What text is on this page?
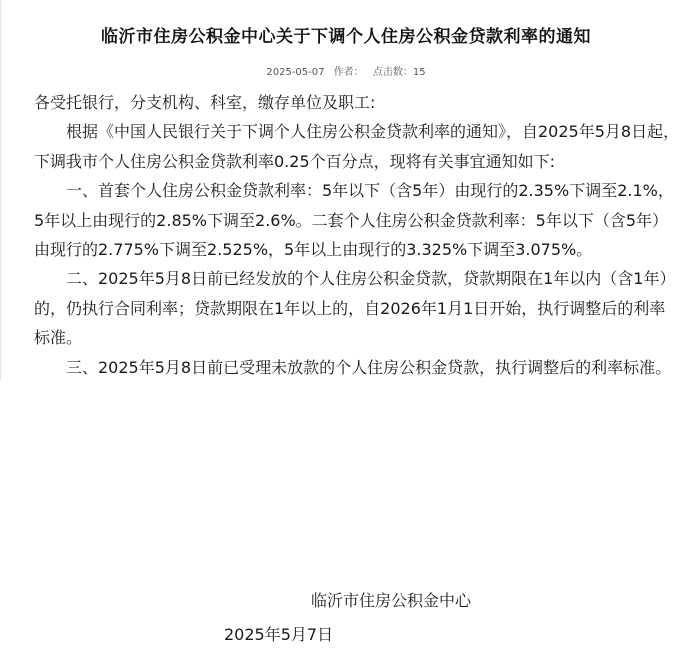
临沂市住房公积金中心关于下调个人住房公积金贷款利率的通知
2025-05-07 作者： 点击数：15

各受托银行，分支机构、科室，缴存单位及职工:

根据《中国人民银行关于下调个人住房公积金贷款利率的通知》，自2025年5月8日起，下调我市个人住房公积金贷款利率0.25个百分点，现将有关事宜通知如下:

一、首套个人住房公积金贷款利率：5年以下（含5年）由现行的2.35%下调至2.1%，5年以上由现行的2.85%下调至2.6%。二套个人住房公积金贷款利率：5年以下（含5年）由现行的2.775%下调至2.525%，5年以上由现行的3.325%下调至3.075%。

二、2025年5月8日前已经发放的个人住房公积金贷款，贷款期限在1年以内（含1年）的，仍执行合同利率；贷款期限在1年以上的，自2026年1月1日开始，执行调整后的利率标准。

三、2025年5月8日前已受理未放款的个人住房公积金贷款，执行调整后的利率标准。

临沂市住房公积金中心
2025年5月7日
